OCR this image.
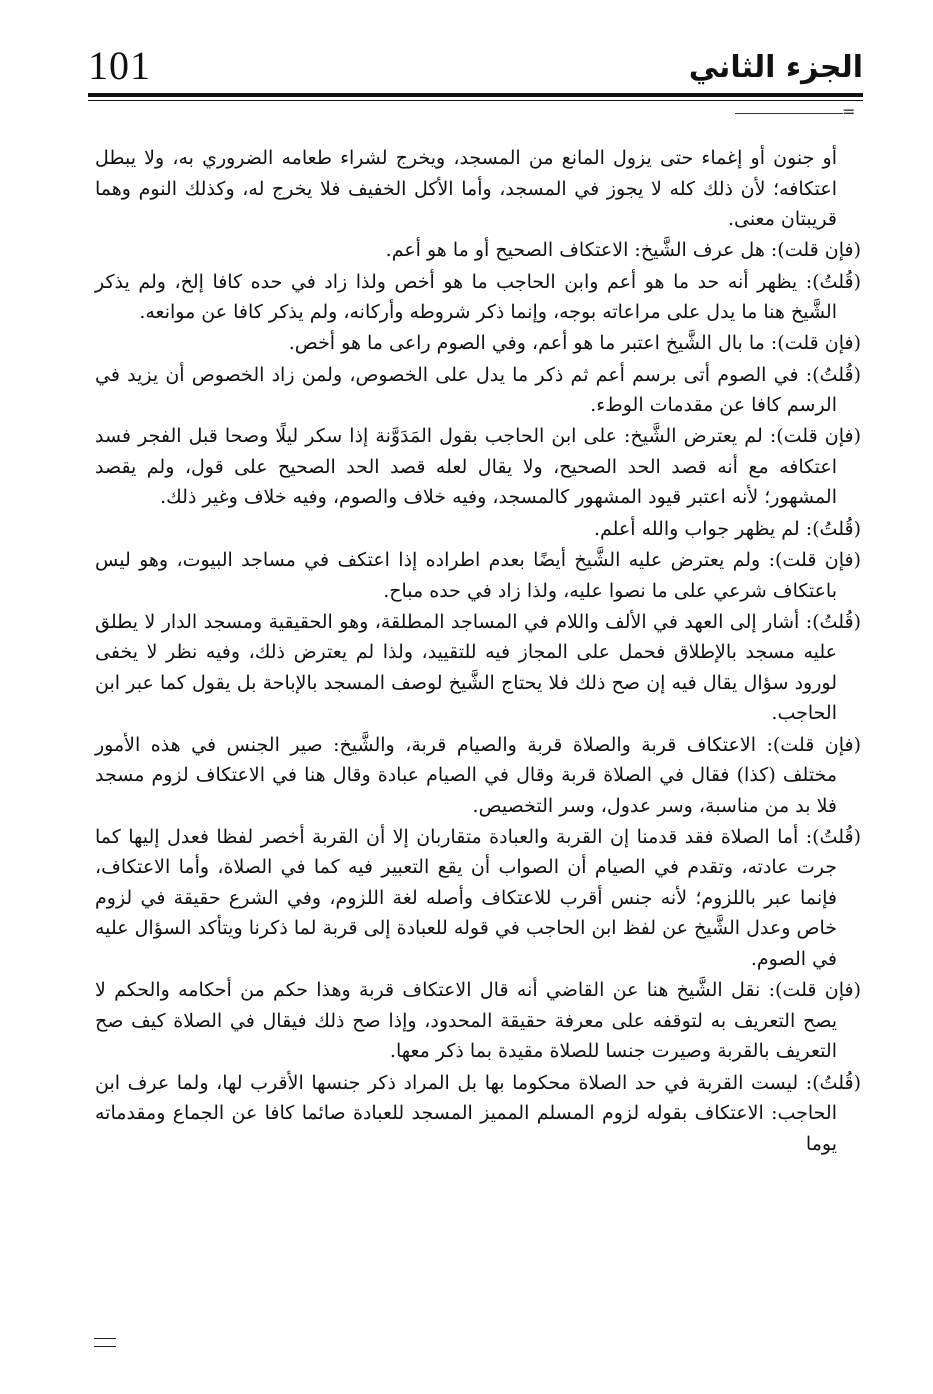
101	الجزء الثاني
=

أو جنون أو إغماء حتى يزول المانع من المسجد، ويخرج لشراء طعامه الضروري به، ولا يبطل اعتكافه؛ لأن ذلك كله لا يجوز في المسجد، وأما الأكل الخفيف فلا يخرج له، وكذلك النوم وهما قريبتان معنى.

(فإن قلت): هل عرف الشَّيخ: الاعتكاف الصحيح أو ما هو أعم.

(قُلتُ): يظهر أنه حد ما هو أعم وابن الحاجب ما هو أخص ولذا زاد في حده كافا إلخ، ولم يذكر الشَّيخ هنا ما يدل على مراعاته بوجه، وإنما ذكر شروطه وأركانه، ولم يذكر كافا عن موانعه.

(فإن قلت): ما بال الشَّيخ اعتبر ما هو أعم، وفي الصوم راعى ما هو أخص.

(قُلتُ): في الصوم أتى برسم أعم ثم ذكر ما يدل على الخصوص، ولمن زاد الخصوص أن يزيد في الرسم كافا عن مقدمات الوطء.

(فإن قلت): لم يعترض الشَّيخ: على ابن الحاجب بقول المَدَوَّنة إذا سكر ليلًا وصحا قبل الفجر فسد اعتكافه مع أنه قصد الحد الصحيح، ولا يقال لعله قصد الحد الصحيح على قول، ولم يقصد المشهور؛ لأنه اعتبر قيود المشهور كالمسجد، وفيه خلاف والصوم، وفيه خلاف وغير ذلك.

(قُلتُ): لم يظهر جواب والله أعلم.

(فإن قلت): ولم يعترض عليه الشَّيخ أيضًا بعدم اطراده إذا اعتكف في مساجد البيوت، وهو ليس باعتكاف شرعي على ما نصوا عليه، ولذا زاد في حده مباح.

(قُلتُ): أشار إلى العهد في الألف واللام في المساجد المطلقة، وهو الحقيقية ومسجد الدار لا يطلق عليه مسجد بالإطلاق فحمل على المجاز فيه للتقييد، ولذا لم يعترض ذلك، وفيه نظر لا يخفى لورود سؤال يقال فيه إن صح ذلك فلا يحتاج الشَّيخ لوصف المسجد بالإباحة بل يقول كما عبر ابن الحاجب.

(فإن قلت): الاعتكاف قربة والصلاة قربة والصيام قربة، والشَّيخ: صير الجنس في هذه الأمور مختلف (كذا) فقال في الصلاة قربة وقال في الصيام عبادة وقال هنا في الاعتكاف لزوم مسجد فلا بد من مناسبة، وسر عدول، وسر التخصيص.

(قُلتُ): أما الصلاة فقد قدمنا إن القربة والعبادة متقاربان إلا أن القربة أخصر لفظا فعدل إليها كما جرت عادته، وتقدم في الصيام أن الصواب أن يقع التعبير فيه كما في الصلاة، وأما الاعتكاف، فإنما عبر باللزوم؛ لأنه جنس أقرب للاعتكاف وأصله لغة اللزوم، وفي الشرع حقيقة في لزوم خاص وعدل الشَّيخ عن لفظ ابن الحاجب في قوله للعبادة إلى قربة لما ذكرنا ويتأكد السؤال عليه في الصوم.

(فإن قلت): نقل الشَّيخ هنا عن القاضي أنه قال الاعتكاف قربة وهذا حكم من أحكامه والحكم لا يصح التعريف به لتوقفه على معرفة حقيقة المحدود، وإذا صح ذلك فيقال في الصلاة كيف صح التعريف بالقربة وصيرت جنسا للصلاة مقيدة بما ذكر معها.

(قُلتُ): ليست القربة في حد الصلاة محكوما بها بل المراد ذكر جنسها الأقرب لها، ولما عرف ابن الحاجب: الاعتكاف بقوله لزوم المسلم المميز المسجد للعبادة صائما كافا عن الجماع ومقدماته يوما
